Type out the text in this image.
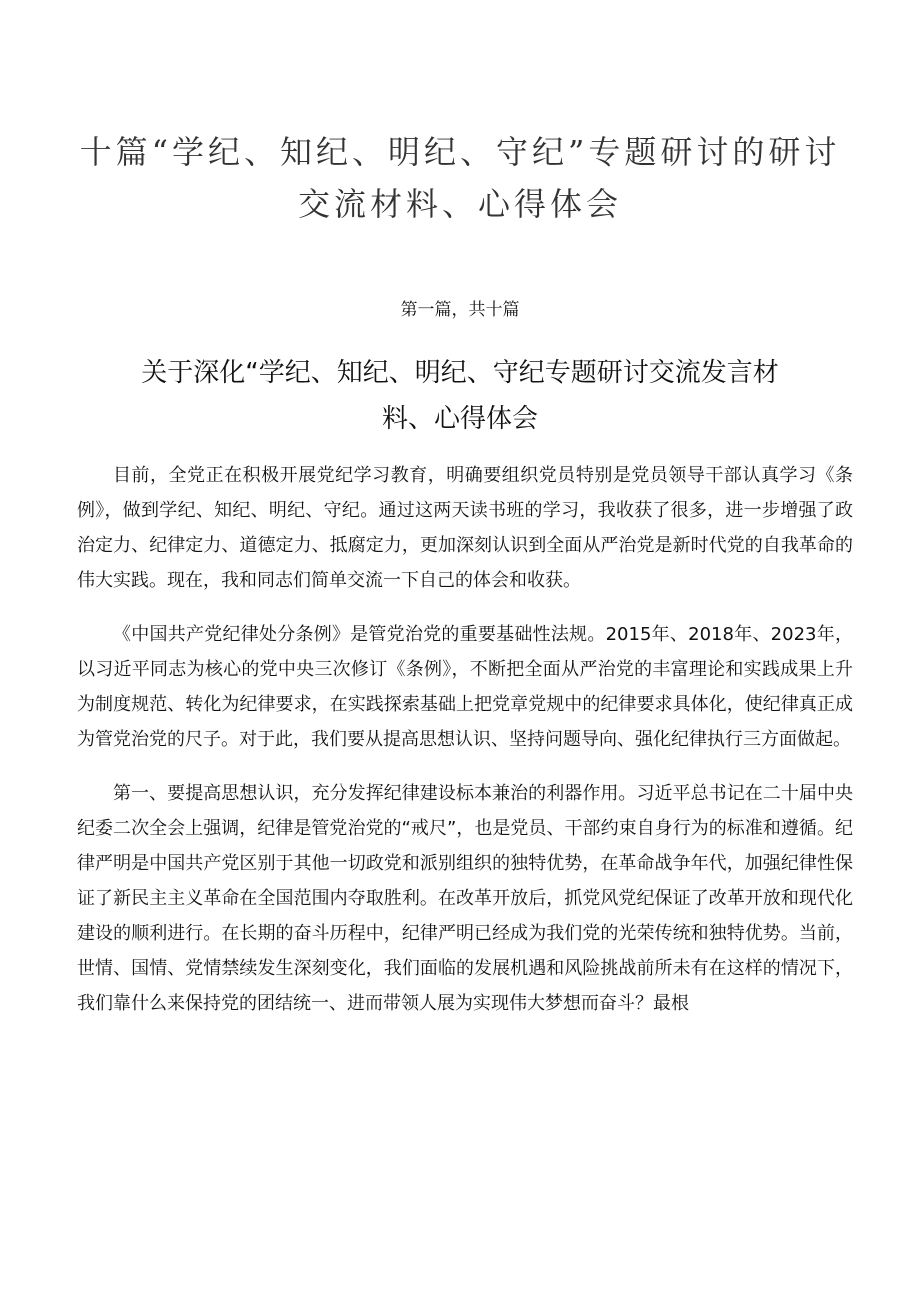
十篇“学纪、知纪、明纪、守纪”专题研讨的研讨
交流材料、心得体会
第一篇，共十篇
关于深化“学纪、知纪、明纪、守纪专题研讨交流发言材
料、心得体会

目前，全党正在积极开展党纪学习教育，明确要组织党员特别是党员领导干部认真学习《条例》，做到学纪、知纪、明纪、守纪。通过这两天读书班的学习，我收获了很多，进一步增强了政治定力、纪律定力、道德定力、抵腐定力，更加深刻认识到全面从严治党是新时代党的自我革命的伟大实践。现在，我和同志们简单交流一下自己的体会和收获。

《中国共产党纪律处分条例》是管党治党的重要基础性法规。2015年、2018年、2023年，以习近平同志为核心的党中央三次修订《条例》，不断把全面从严治党的丰富理论和实践成果上升为制度规范、转化为纪律要求，在实践探索基础上把党章党规中的纪律要求具体化，使纪律真正成为管党治党的尺子。对于此，我们要从提高思想认识、坚持问题导向、强化纪律执行三方面做起。

第一、要提高思想认识，充分发挥纪律建设标本兼治的利器作用。习近平总书记在二十届中央纪委二次全会上强调，纪律是管党治党的“戒尺”，也是党员、干部约束自身行为的标准和遵循。纪律严明是中国共产党区别于其他一切政党和派别组织的独特优势，在革命战争年代，加强纪律性保证了新民主主义革命在全国范围内夺取胜利。在改革开放后，抓党风党纪保证了改革开放和现代化建设的顺利进行。在长期的奋斗历程中，纪律严明已经成为我们党的光荣传统和独特优势。当前，世情、国情、党情禁续发生深刻变化，我们面临的发展机遇和风险挑战前所未有在这样的情况下，我们靠什么来保持党的团结统一、进而带领人展为实现伟大梦想而奋斗？最根
